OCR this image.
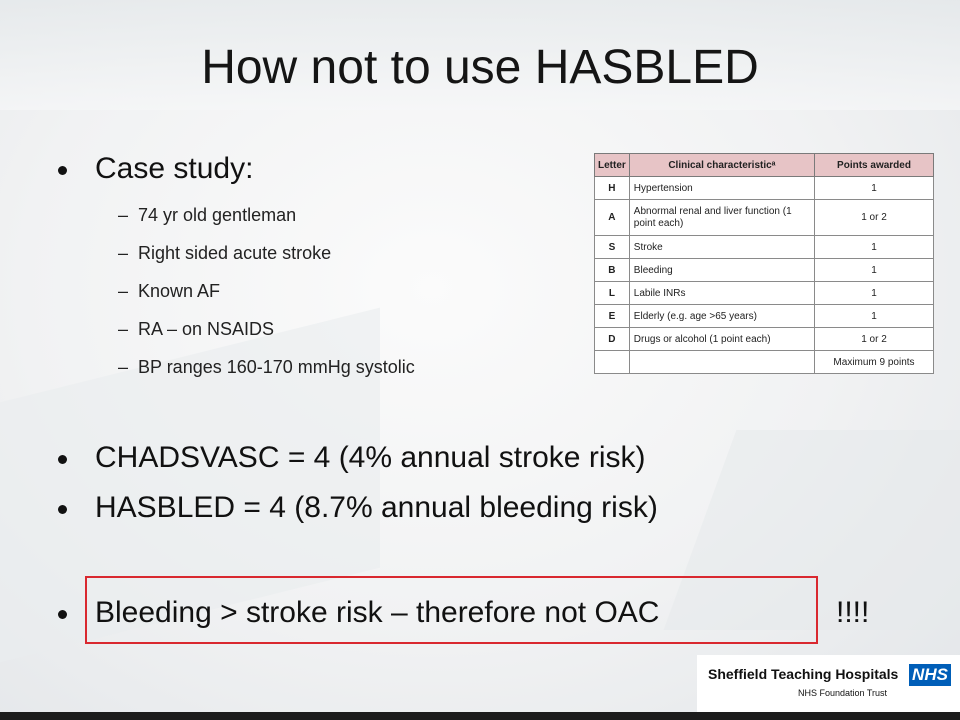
How not to use HASBLED
Case study:
– 74 yr old gentleman
– Right sided acute stroke
– Known AF
– RA – on NSAIDS
– BP ranges 160-170 mmHg systolic
CHADSVASC = 4 (4% annual stroke risk)
HASBLED = 4 (8.7% annual bleeding risk)
Bleeding > stroke risk – therefore not OAC	!!!!
Letter	Clinical characteristicᵃ	Points awarded
H	Hypertension	1
A	Abnormal renal and liver function (1 point each)	1 or 2
S	Stroke	1
B	Bleeding	1
L	Labile INRs	1
E	Elderly (e.g. age >65 years)	1
D	Drugs or alcohol (1 point each)	1 or 2
		Maximum 9 points
Sheffield Teaching Hospitals NHS
NHS Foundation Trust
